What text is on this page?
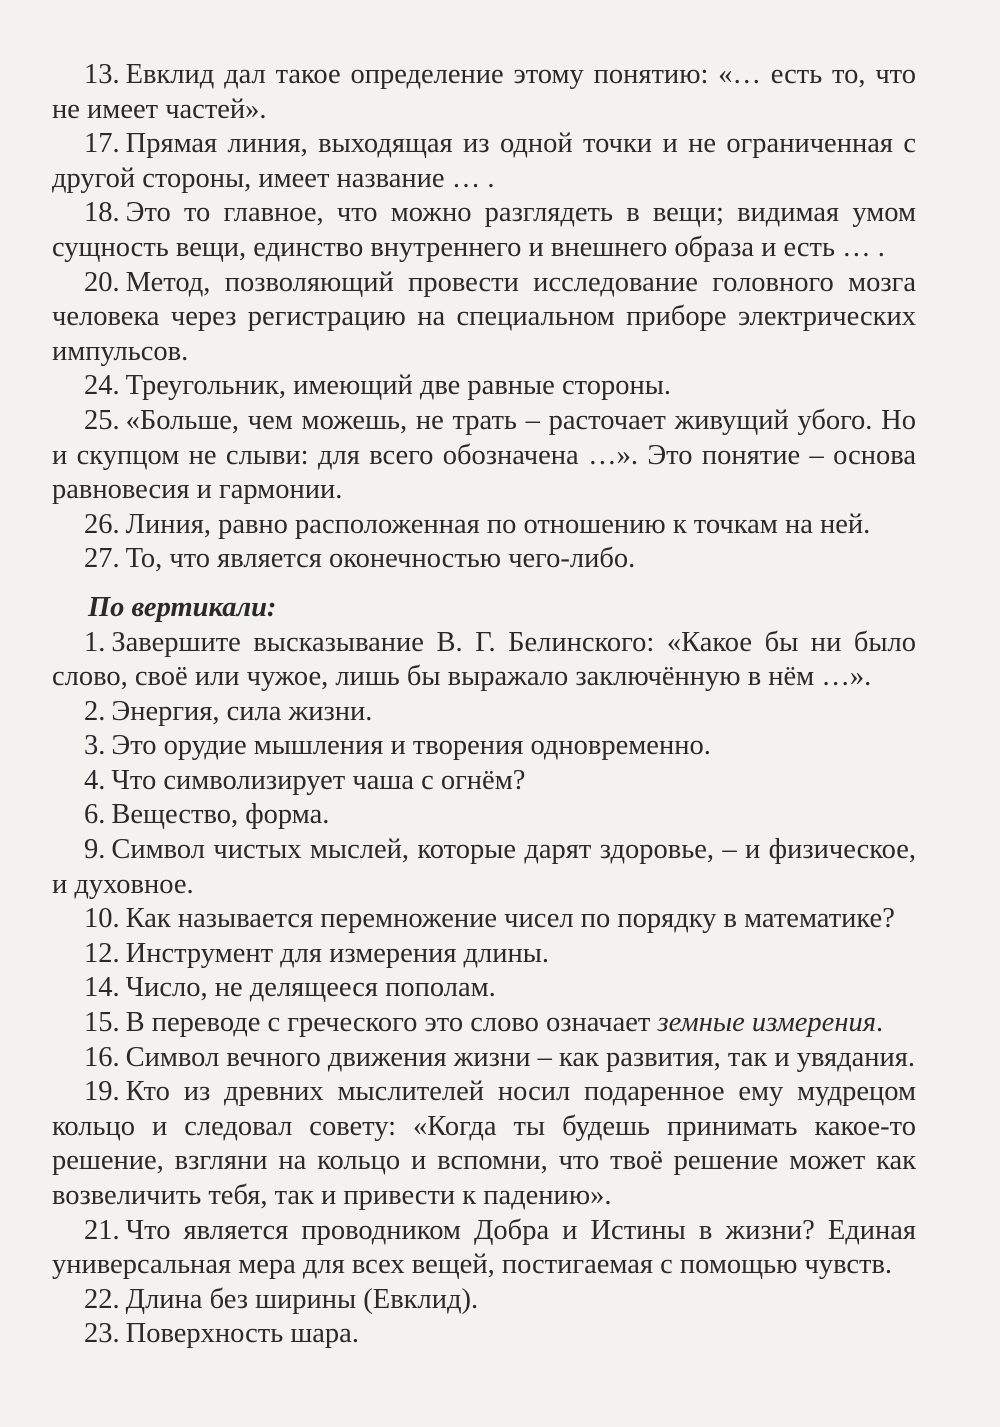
13. Евклид дал такое определение этому понятию: «… есть то, что не имеет частей».

17. Прямая линия, выходящая из одной точки и не ограниченная с другой стороны, имеет название … .

18. Это то главное, что можно разглядеть в вещи; видимая умом сущность вещи, единство внутреннего и внешнего образа и есть … .

20. Метод, позволяющий провести исследование головного мозга человека через регистрацию на специальном приборе электрических импульсов.

24. Треугольник, имеющий две равные стороны.

25. «Больше, чем можешь, не трать – расточает живущий убого. Но и скупцом не слыви: для всего обозначена …». Это понятие – основа равновесия и гармонии.

26. Линия, равно расположенная по отношению к точкам на ней.

27. То, что является оконечностью чего-либо.

По вертикали:

1. Завершите высказывание В. Г. Белинского: «Какое бы ни было слово, своё или чужое, лишь бы выражало заключённую в нём …».

2. Энергия, сила жизни.

3. Это орудие мышления и творения одновременно.

4. Что символизирует чаша с огнём?

6. Вещество, форма.

9. Символ чистых мыслей, которые дарят здоровье, – и физическое, и духовное.

10. Как называется перемножение чисел по порядку в математике?

12. Инструмент для измерения длины.

14. Число, не делящееся пополам.

15. В переводе с греческого это слово означает земные измерения.

16. Символ вечного движения жизни – как развития, так и увядания.

19. Кто из древних мыслителей носил подаренное ему мудрецом кольцо и следовал совету: «Когда ты будешь принимать какое-то решение, взгляни на кольцо и вспомни, что твоё решение может как возвеличить тебя, так и привести к падению».

21. Что является проводником Добра и Истины в жизни? Единая универсальная мера для всех вещей, постигаемая с помощью чувств.

22. Длина без ширины (Евклид).

23. Поверхность шара.
